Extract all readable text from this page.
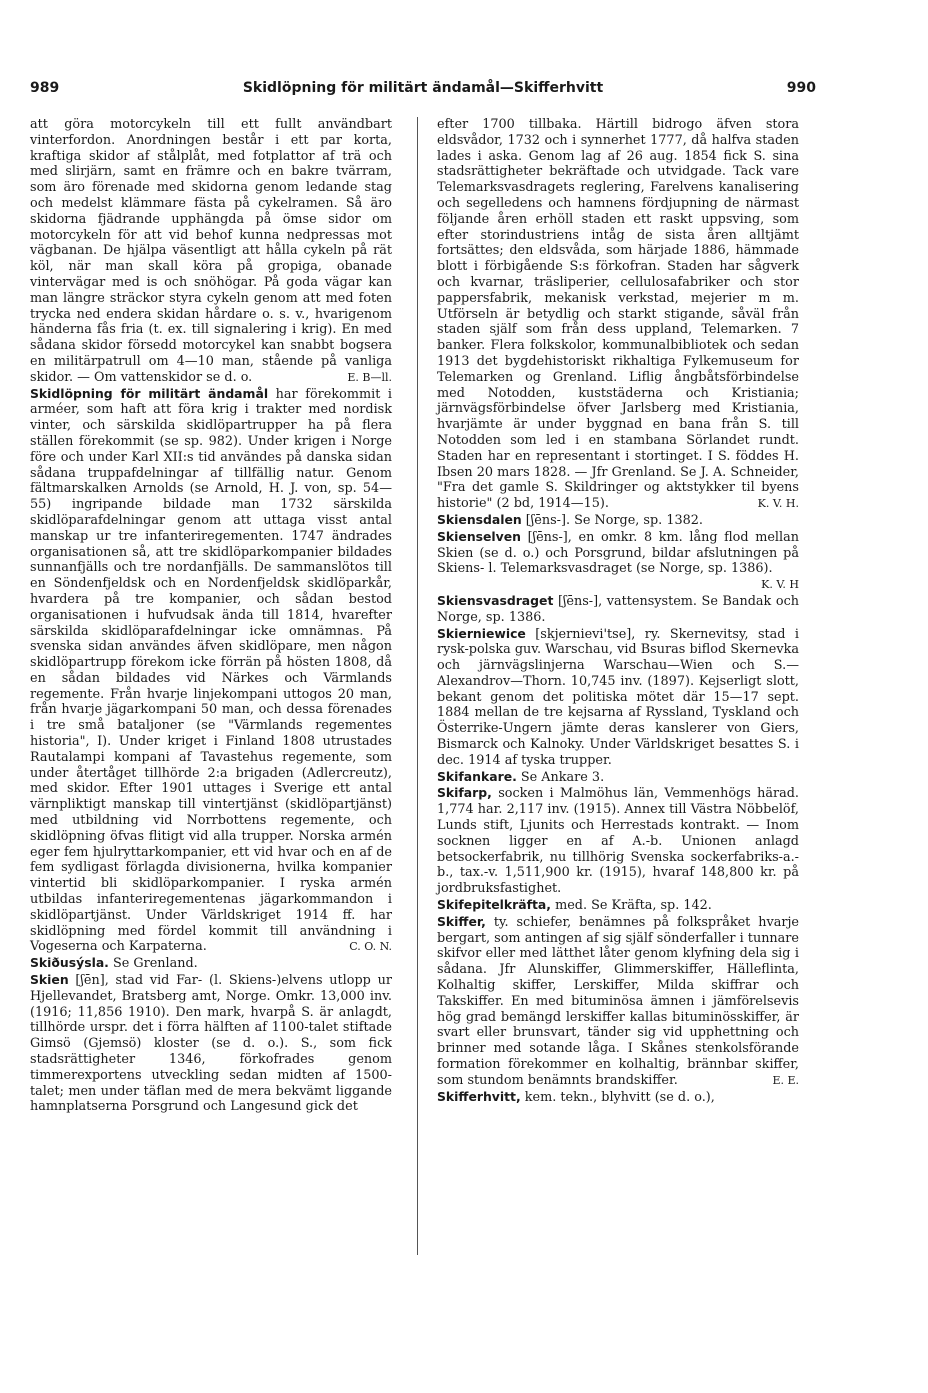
989	Skidlöpning för militärt ändamål—Skifferhvitt	990

att göra motorcykeln till ett fullt användbart vinterfordon. Anordningen består i ett par korta, kraftiga skidor af stålplåt, med fotplattor af trä och med slirjärn, samt en främre och en bakre tvärram, som äro förenade med skidorna genom ledande stag och medelst klämmare fästa på cykelramen. Så äro skidorna fjädrande upphängda på ömse sidor om motorcykeln för att vid behof kunna nedpressas mot vägbanan. De hjälpa väsentligt att hålla cykeln på rät köl, när man skall köra på gropiga, obanade vintervägar med is och snöhögar. På goda vägar kan man längre sträckor styra cykeln genom att med foten trycka ned endera skidan hårdare o. s. v., hvarigenom händerna fås fria (t. ex. till signalering i krig). En med sådana skidor försedd motorcykel kan snabbt bogsera en militärpatrull om 4—10 man, stående på vanliga skidor. — Om vattenskidor se d. o.	E. B—ll.

Skidlöpning för militärt ändamål har förekommit i arméer, som haft att föra krig i trakter med nordisk vinter, och särskilda skidlöpartrupper ha på flera ställen förekommit (se sp. 982). Under krigen i Norge före och under Karl XII:s tid användes på danska sidan sådana truppafdelningar af tillfällig natur. Genom fältmarskalken Arnolds (se Arnold, H. J. von, sp. 54—55) ingripande bildade man 1732 särskilda skidlöparafdelningar genom att uttaga visst antal manskap ur tre infanteriregementen. 1747 ändrades organisationen så, att tre skidlöparkompanier bildades sunnanfjälls och tre nordanfjälls. De sammanslötos till en Söndenfjeldsk och en Nordenfjeldsk skidlöparkår, hvardera på tre kompanier, och sådan bestod organisationen i hufvudsak ända till 1814, hvarefter särskilda skidlöparafdelningar icke omnämnas. På svenska sidan användes äfven skidlöpare, men någon skidlöpartrupp förekom icke förrän på hösten 1808, då en sådan bildades vid Närkes och Värmlands regemente. Från hvarje linjekompani uttogos 20 man, från hvarje jägarkompani 50 man, och dessa förenades i tre små bataljoner (se "Värmlands regementes historia", I). Under kriget i Finland 1808 utrustades Rautalampi kompani af Tavastehus regemente, som under återtåget tillhörde 2:a brigaden (Adlercreutz), med skidor. Efter 1901 uttages i Sverige ett antal värnpliktigt manskap till vintertjänst (skidlöpartjänst) med utbildning vid Norrbottens regemente, och skidlöpning öfvas flitigt vid alla trupper. Norska armén eger fem hjulryttarkompanier, ett vid hvar och en af de fem sydligast förlagda divisionerna, hvilka kompanier vintertid bli skidlöparkompanier. I ryska armén utbildas infanteriregementenas jägarkommandon i skidlöpartjänst. Under Världskriget 1914 ff. har skidlöpning med fördel kommit till användning i Vogeserna och Karpaterna.	C. O. N.

Skiðusýsla. Se Grenland.

Skien [ʃēn], stad vid Far- (l. Skiens-)elvens utlopp ur Hjellevandet, Bratsberg amt, Norge. Omkr. 13,000 inv. (1916; 11,856 1910). Den mark, hvarpå S. är anlagdt, tillhörde urspr. det i förra hälften af 1100-talet stiftade Gimsö (Gjemsö) kloster (se d. o.). S., som fick stadsrättigheter 1346, förkofrades genom timmerexportens utveckling sedan midten af 1500-talet; men under täflan med de mera bekvämt liggande hamnplatserna Porsgrund och Langesund gick det

efter 1700 tillbaka. Härtill bidrogo äfven stora eldsvådor, 1732 och i synnerhet 1777, då halfva staden lades i aska. Genom lag af 26 aug. 1854 fick S. sina stadsrättigheter bekräftade och utvidgade. Tack vare Telemarksvasdragets reglering, Farelvens kanalisering och segelledens och hamnens fördjupning de närmast följande åren erhöll staden ett raskt uppsving, som efter storindustriens intåg de sista åren alltjämt fortsättes; den eldsvåda, som härjade 1886, hämmade blott i förbigående S:s förkofran. Staden har sågverk och kvarnar, träsliperier, cellulosafabriker och stor pappersfabrik, mekanisk verkstad, mejerier m m. Utförseln är betydlig och starkt stigande, såväl från staden själf som från dess uppland, Telemarken. 7 banker. Flera folkskolor, kommunalbibliotek och sedan 1913 det bygdehistoriskt rikhaltiga Fylkemuseum for Telemarken og Grenland. Liflig ångbåtsförbindelse med Notodden, kuststäderna och Kristiania; järnvägsförbindelse öfver Jarlsberg med Kristiania, hvarjämte är under byggnad en bana från S. till Notodden som led i en stambana Sörlandet rundt. Staden har en representant i stortinget. I S. föddes H. Ibsen 20 mars 1828. — Jfr Grenland. Se J. A. Schneider, "Fra det gamle S. Skildringer og aktstykker til byens historie" (2 bd, 1914—15).	K. V. H.

Skiensdalen [ʃēns-]. Se Norge, sp. 1382.

Skienselven [ʃēns-], en omkr. 8 km. lång flod mellan Skien (se d. o.) och Porsgrund, bildar afslutningen på Skiens- l. Telemarksvasdraget (se Norge, sp. 1386).
K. V. H

Skiensvasdraget [ʃēns-], vattensystem. Se Bandak och Norge, sp. 1386.

Skierniewice [skjernievi'tse], ry. Skernevitsy, stad i rysk-polska guv. Warschau, vid Bsuras biflod Skernevka och järnvägslinjerna Warschau—Wien och S.—Alexandrov—Thorn. 10,745 inv. (1897). Kejserligt slott, bekant genom det politiska mötet där 15—17 sept. 1884 mellan de tre kejsarna af Ryssland, Tyskland och Österrike-Ungern jämte deras kanslerer von Giers, Bismarck och Kalnoky. Under Världskriget besattes S. i dec. 1914 af tyska trupper.

Skifankare. Se Ankare 3.

Skifarp, socken i Malmöhus län, Vemmenhögs härad. 1,774 har. 2,117 inv. (1915). Annex till Västra Nöbbelöf, Lunds stift, Ljunits och Herrestads kontrakt. — Inom socknen ligger en af A.-b. Unionen anlagd betsockerfabrik, nu tillhörig Svenska sockerfabriks-a.-b., tax.-v. 1,511,900 kr. (1915), hvaraf 148,800 kr. på jordbruksfastighet.

Skifepitelkräfta, med. Se Kräfta, sp. 142.

Skiffer, ty. schiefer, benämnes på folkspråket hvarje bergart, som antingen af sig själf sönderfaller i tunnare skifvor eller med lätthet låter genom klyfning dela sig i sådana. Jfr Alunskiffer, Glimmerskiffer, Hälleflinta, Kolhaltig skiffer, Lerskiffer, Milda skiffrar och Takskiffer. En med bituminösa ämnen i jämförelsevis hög grad bemängd lerskiffer kallas bituminösskiffer, är svart eller brunsvart, tänder sig vid upphettning och brinner med sotande låga. I Skånes stenkolsförande formation förekommer en kolhaltig, brännbar skiffer, som stundom benämnts brandskiffer.	E. E.

Skifferhvitt, kem. tekn., blyhvitt (se d. o.),
